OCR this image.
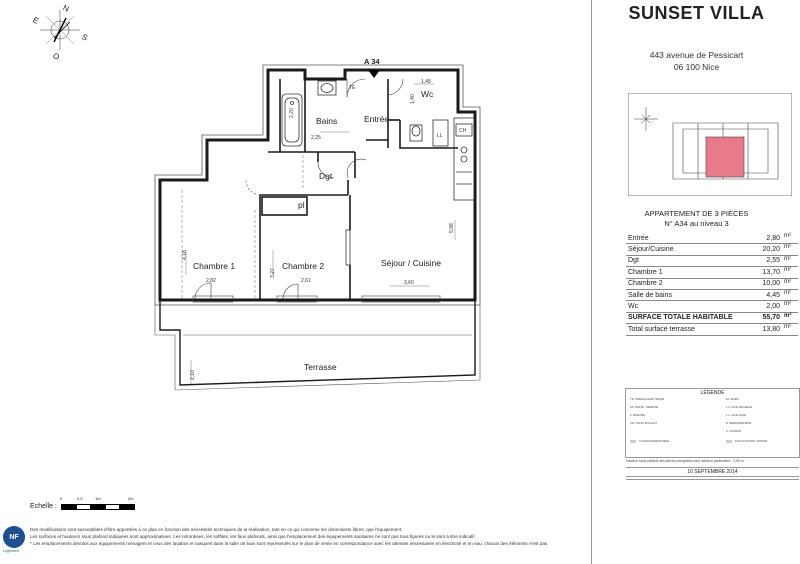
N
E
S
O	A 34
Bains	Entrée
Wc
Dgt
pl
Chambre 1	Chambre 2	Séjour / Cuisine
Terrasse
2,25
2,20
1,48
1,40
4,18
2,82
3,27
2,61
5,98
3,60
2,10
TE
LL
CH
Echelle :
0	0.5	1m	2m
NF
Logement
Des modifications sont susceptibles d'être apportées à ce plan en fonction des nécessités techniques de la réalisation, tant en ce qui concerne les dimensions libres, que l'équipement.
Les surfaces et hauteurs sous plafond indiquées sont approximatives. Les retombées, les soffites, les faux plafonds, ainsi que l'emplacement des équipements sanitaires ne sont pas tous figurés ou le sont à titre indicatif.
* Les emplacements dévolus aux équipements ménagers et ceux des lavabos et vasques dans la salle de bain sont représentés sur le plan de vente en correspondance avec les attentes nécessaires en électricité et en eau, chacun des éléments n'est pas
SUNSET VILLA
443 avenue de Pessicart
06 100 Nice
APPARTEMENT DE 3 PIÈCES
N° A34 au niveau 3
Entrée	2,80	m²
Séjour/Cuisine	20,20	m²
Dgt	2,55	m²
Chambre 1	13,70	m²
Chambre 2	10,00	m²
Salle de bains	4,45	m²
Wc	2,00	m²
SURFACE TOTALE HABITABLE	55,70	m²
Total surface terrasse	13,80	m²
LÉGENDE
T.E. TABLEAU ELECTRIQUE
P.F. PORTE - FENETRE
F. FENETRE
V.R. VOLET ROULANT
CLOISON DEMONTABLE
EV. EVIER
L.V. LAVE VAISSELLE
L.L. LAVE LINGE
R. REFRIGERATEUR
C. CUISSON
FAUX-PLAFOND, SOFFITE
Hauteur sous plafond des pièces principales sauf mention particulière : 2.50 m
10 SEPTEMBRE 2014
